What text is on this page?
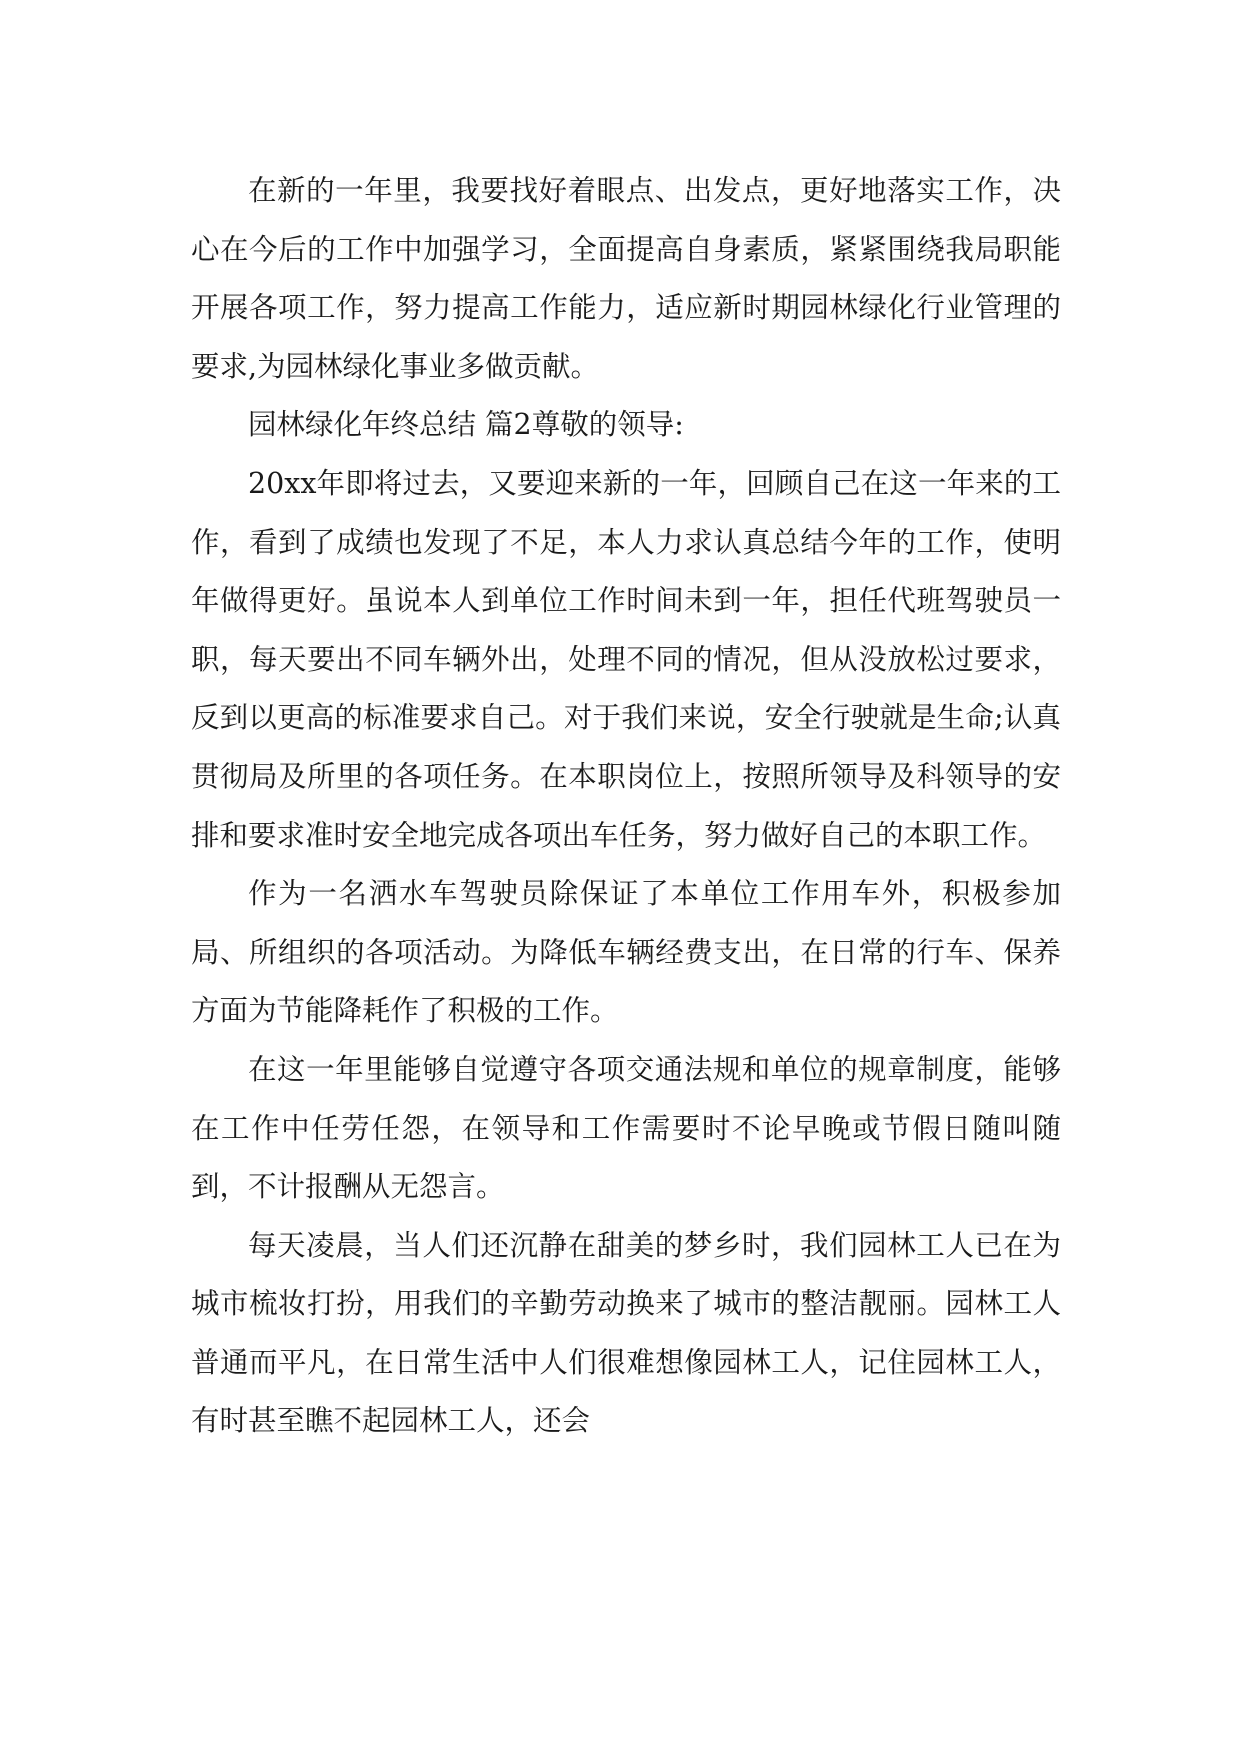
在新的一年里，我要找好着眼点、出发点，更好地落实工作，决心在今后的工作中加强学习，全面提高自身素质，紧紧围绕我局职能开展各项工作，努力提高工作能力，适应新时期园林绿化行业管理的要求,为园林绿化事业多做贡献。

园林绿化年终总结 篇2尊敬的领导:

20xx年即将过去，又要迎来新的一年，回顾自己在这一年来的工作，看到了成绩也发现了不足，本人力求认真总结今年的工作，使明年做得更好。虽说本人到单位工作时间未到一年，担任代班驾驶员一职，每天要出不同车辆外出，处理不同的情况，但从没放松过要求，反到以更高的标准要求自己。对于我们来说，安全行驶就是生命;认真贯彻局及所里的各项任务。在本职岗位上，按照所领导及科领导的安排和要求准时安全地完成各项出车任务，努力做好自己的本职工作。

作为一名洒水车驾驶员除保证了本单位工作用车外，积极参加局、所组织的各项活动。为降低车辆经费支出，在日常的行车、保养方面为节能降耗作了积极的工作。

在这一年里能够自觉遵守各项交通法规和单位的规章制度，能够在工作中任劳任怨，在领导和工作需要时不论早晚或节假日随叫随到，不计报酬从无怨言。

每天凌晨，当人们还沉静在甜美的梦乡时，我们园林工人已在为城市梳妆打扮，用我们的辛勤劳动换来了城市的整洁靓丽。园林工人普通而平凡，在日常生活中人们很难想像园林工人，记住园林工人，有时甚至瞧不起园林工人，还会
